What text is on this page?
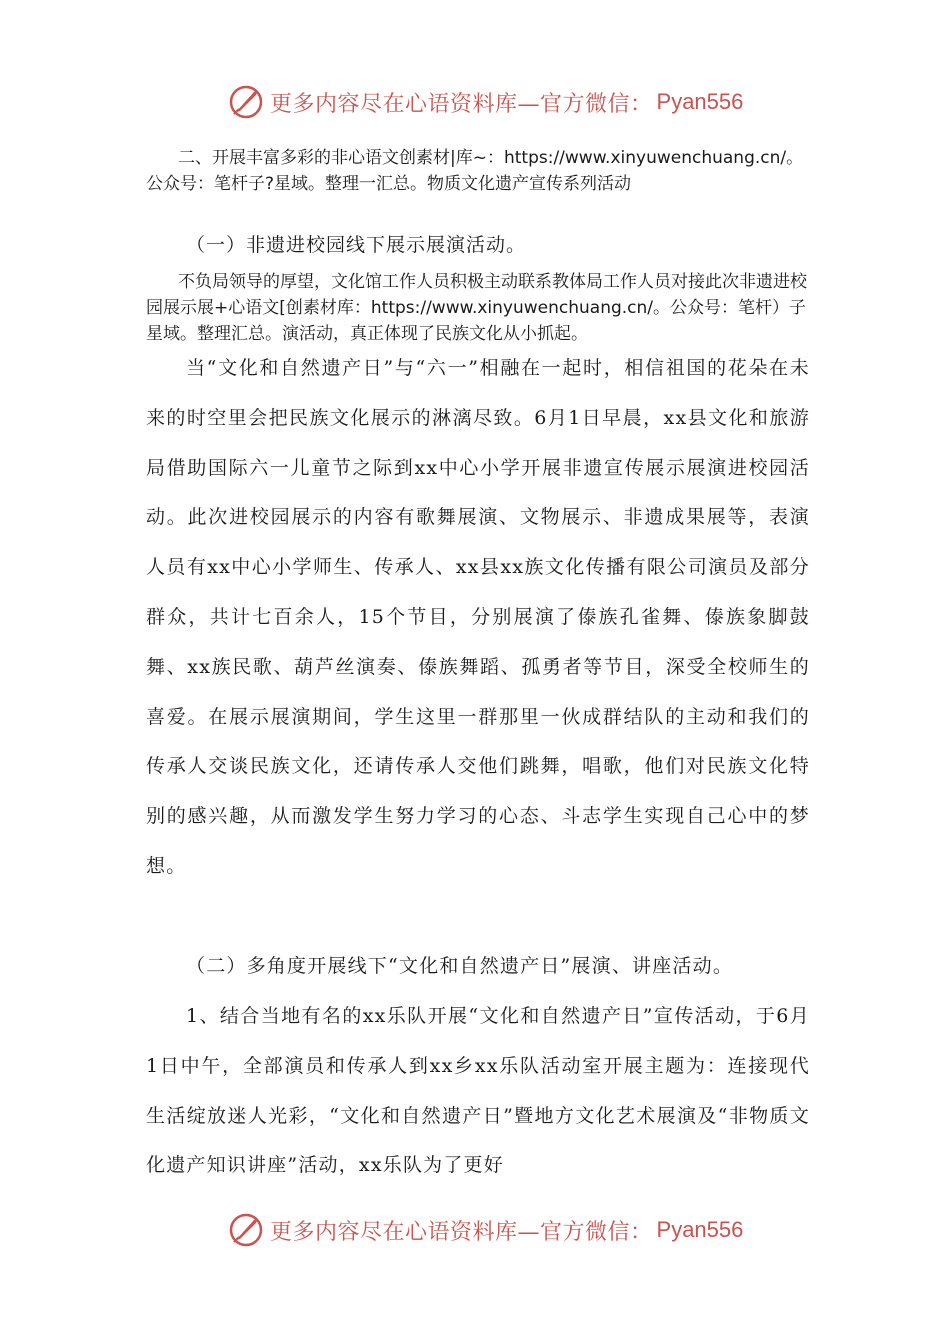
更多内容尽在心语资料库—官方微信： Pyan556
二、开展丰富多彩的非心语文创素材|库~：https://www.xinyuwenchuang.cn/。公众号：笔杆子?星域。整理一汇总。物质文化遗产宣传系列活动
（一）非遗进校园线下展示展演活动。
不负局领导的厚望，文化馆工作人员积极主动联系教体局工作人员对接此次非遗进校园展示展+心语文[创素材库：https://www.xinyuwenchuang.cn/。公众号：笔杆）子星域。整理汇总。演活动，真正体现了民族文化从小抓起。
当“文化和自然遗产日”与“六一”相融在一起时，相信祖国的花朵在未来的时空里会把民族文化展示的淋漓尽致。6月1日早晨，xx县文化和旅游局借助国际六一儿童节之际到xx中心小学开展非遗宣传展示展演进校园活动。此次进校园展示的内容有歌舞展演、文物展示、非遗成果展等，表演人员有xx中心小学师生、传承人、xx县xx族文化传播有限公司演员及部分群众，共计七百余人，15个节目，分别展演了傣族孔雀舞、傣族象脚鼓舞、xx族民歌、葫芦丝演奏、傣族舞蹈、孤勇者等节目，深受全校师生的喜爱。在展示展演期间，学生这里一群那里一伙成群结队的主动和我们的传承人交谈民族文化，还请传承人交他们跳舞，唱歌，他们对民族文化特别的感兴趣，从而激发学生努力学习的心态、斗志学生实现自己心中的梦想。
（二）多角度开展线下“文化和自然遗产日”展演、讲座活动。
1、结合当地有名的xx乐队开展“文化和自然遗产日”宣传活动，于6月1日中午，全部演员和传承人到xx乡xx乐队活动室开展主题为：连接现代生活绽放迷人光彩，“文化和自然遗产日”暨地方文化艺术展演及“非物质文化遗产知识讲座”活动，xx乐队为了更好
更多内容尽在心语资料库—官方微信： Pyan556
